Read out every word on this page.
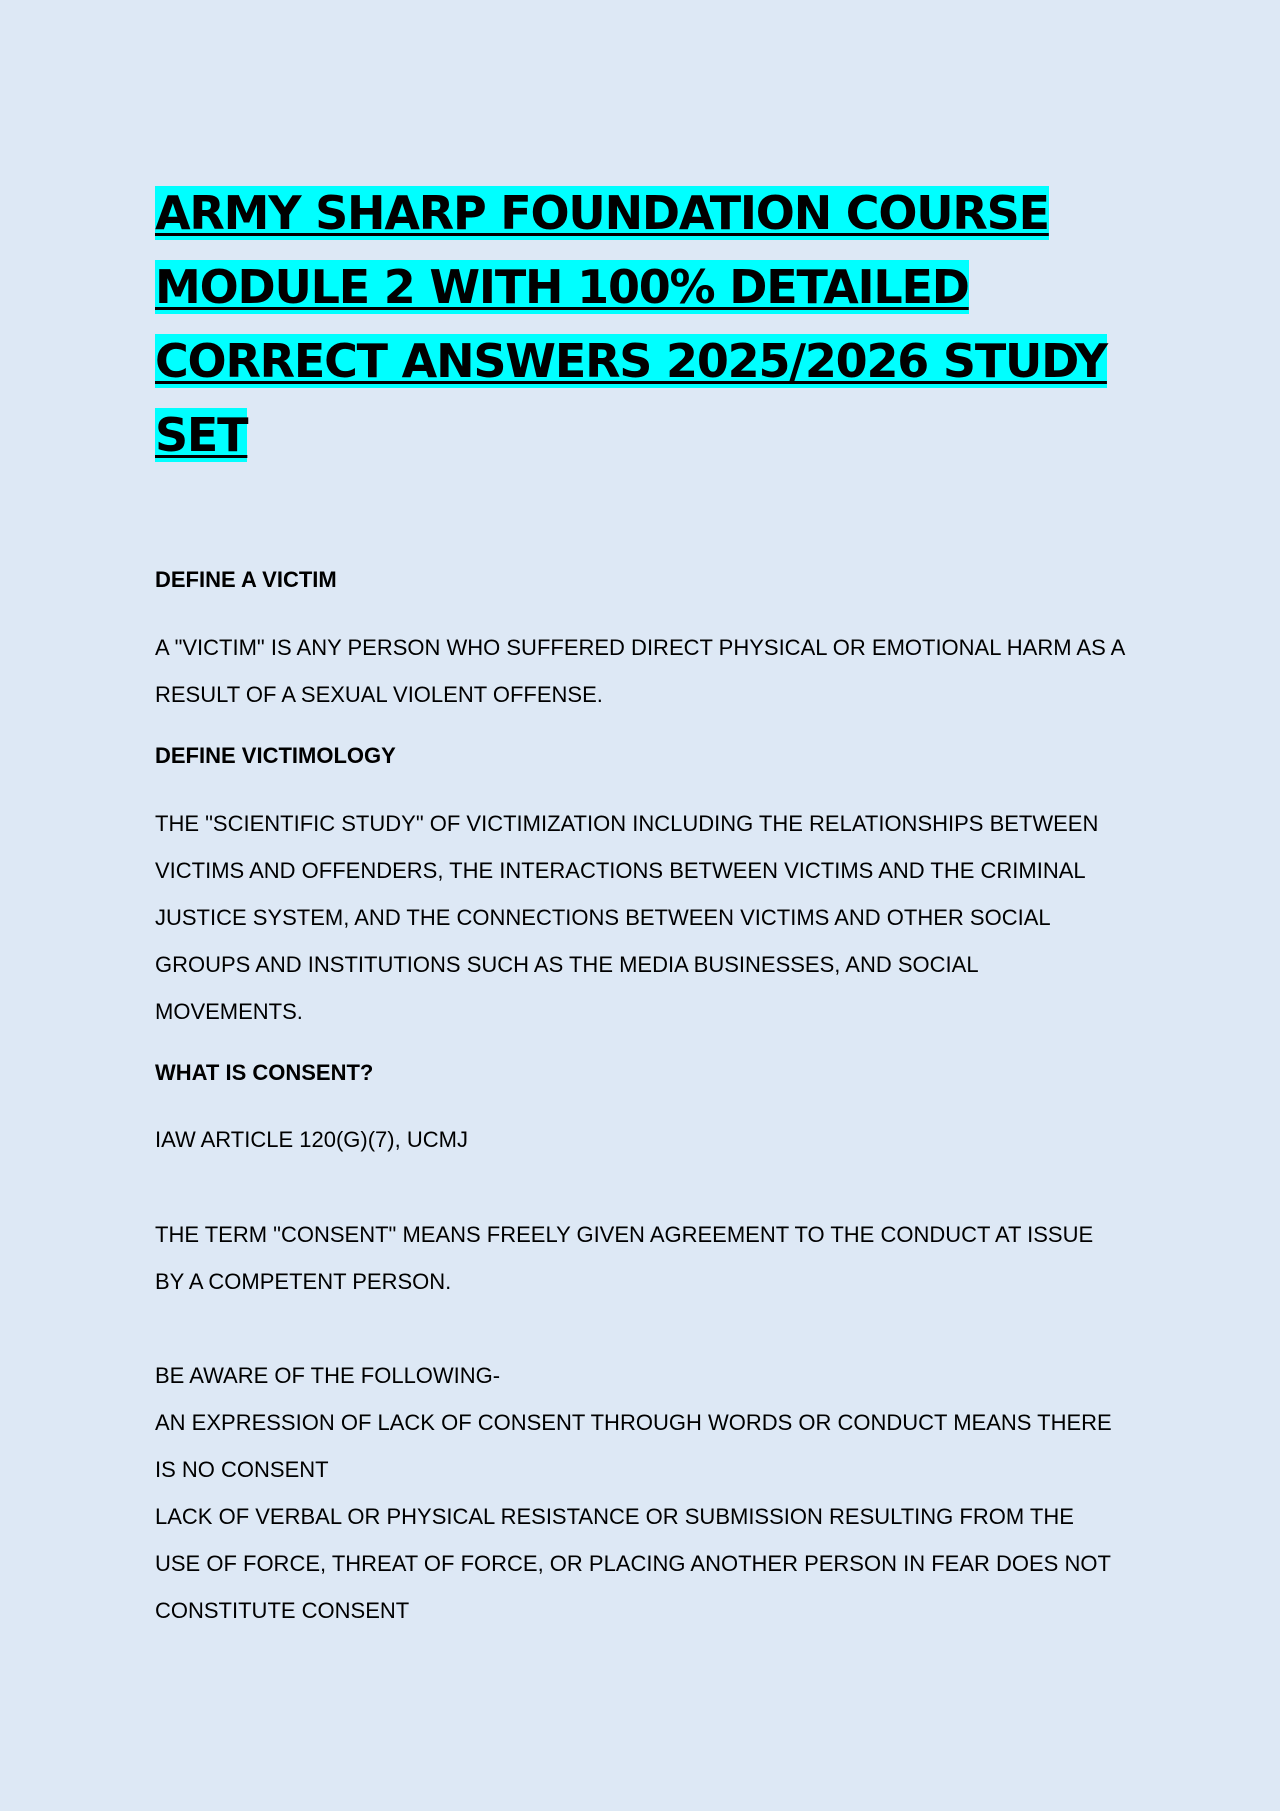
ARMY SHARP FOUNDATION COURSE MODULE 2 WITH 100% DETAILED CORRECT ANSWERS 2025/2026 STUDY SET

DEFINE A VICTIM

A "VICTIM" IS ANY PERSON WHO SUFFERED DIRECT PHYSICAL OR EMOTIONAL HARM AS A RESULT OF A SEXUAL VIOLENT OFFENSE.

DEFINE VICTIMOLOGY

THE "SCIENTIFIC STUDY" OF VICTIMIZATION INCLUDING THE RELATIONSHIPS BETWEEN VICTIMS AND OFFENDERS, THE INTERACTIONS BETWEEN VICTIMS AND THE CRIMINAL JUSTICE SYSTEM, AND THE CONNECTIONS BETWEEN VICTIMS AND OTHER SOCIAL GROUPS AND INSTITUTIONS SUCH AS THE MEDIA BUSINESSES, AND SOCIAL MOVEMENTS.

WHAT IS CONSENT?

IAW ARTICLE 120(G)(7), UCMJ

THE TERM "CONSENT" MEANS FREELY GIVEN AGREEMENT TO THE CONDUCT AT ISSUE BY A COMPETENT PERSON.

BE AWARE OF THE FOLLOWING-

AN EXPRESSION OF LACK OF CONSENT THROUGH WORDS OR CONDUCT MEANS THERE IS NO CONSENT

LACK OF VERBAL OR PHYSICAL RESISTANCE OR SUBMISSION RESULTING FROM THE USE OF FORCE, THREAT OF FORCE, OR PLACING ANOTHER PERSON IN FEAR DOES NOT CONSTITUTE CONSENT
